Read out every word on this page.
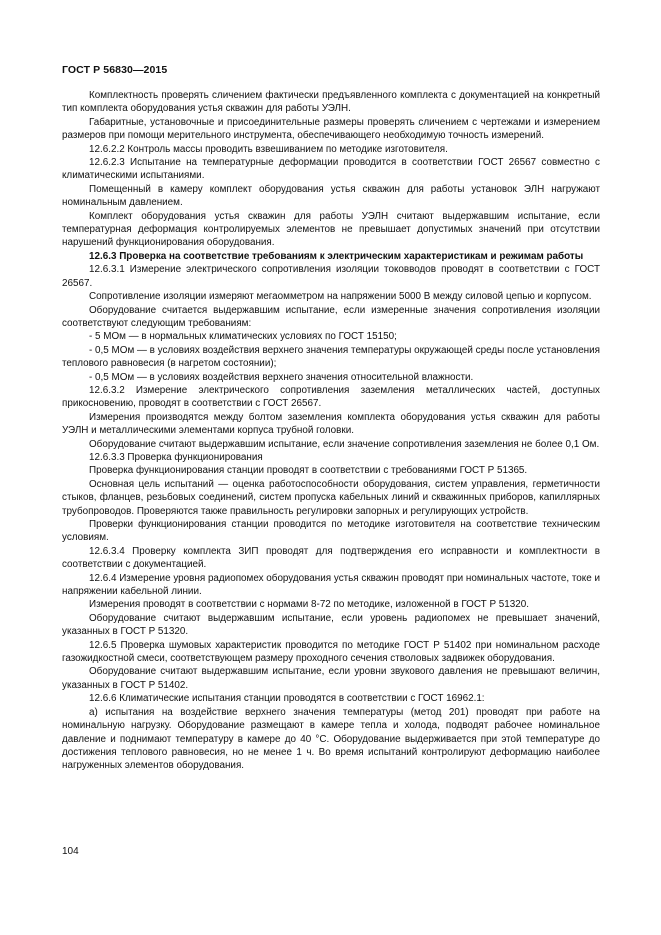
ГОСТ Р 56830—2015

Комплектность проверять сличением фактически предъявленного комплекта с документацией на конкретный тип комплекта оборудования устья скважин для работы УЭЛН.

Габаритные, установочные и присоединительные размеры проверять сличением с чертежами и измерением размеров при помощи мерительного инструмента, обеспечивающего необходимую точность измерений.

12.6.2.2 Контроль массы проводить взвешиванием по методике изготовителя.

12.6.2.3 Испытание на температурные деформации проводится в соответствии ГОСТ 26567 совместно с климатическими испытаниями.

Помещенный в камеру комплект оборудования устья скважин для работы установок ЭЛН нагружают номинальным давлением.

Комплект оборудования устья скважин для работы УЭЛН считают выдержавшим испытание, если температурная деформация контролируемых элементов не превышает допустимых значений при отсутствии нарушений функционирования оборудования.

12.6.3 Проверка на соответствие требованиям к электрическим характеристикам и режимам работы

12.6.3.1 Измерение электрического сопротивления изоляции токовводов проводят в соответствии с ГОСТ 26567.

Сопротивление изоляции измеряют мегаомметром на напряжении 5000 В между силовой цепью и корпусом.

Оборудование считается выдержавшим испытание, если измеренные значения сопротивления изоляции соответствуют следующим требованиям:

- 5 МОм — в нормальных климатических условиях по ГОСТ 15150;

- 0,5 МОм — в условиях воздействия верхнего значения температуры окружающей среды после установления теплового равновесия (в нагретом состоянии);

- 0,5 МОм — в условиях воздействия верхнего значения относительной влажности.

12.6.3.2 Измерение электрического сопротивления заземления металлических частей, доступных прикосновению, проводят в соответствии с ГОСТ 26567.

Измерения производятся между болтом заземления комплекта оборудования устья скважин для работы УЭЛН и металлическими элементами корпуса трубной головки.

Оборудование считают выдержавшим испытание, если значение сопротивления заземления не более 0,1 Ом.

12.6.3.3 Проверка функционирования

Проверка функционирования станции проводят в соответствии с требованиями ГОСТ Р 51365.

Основная цель испытаний — оценка работоспособности оборудования, систем управления, герметичности стыков, фланцев, резьбовых соединений, систем пропуска кабельных линий и скважинных приборов, капиллярных трубопроводов. Проверяются также правильность регулировки запорных и регулирующих устройств.

Проверки функционирования станции проводится по методике изготовителя на соответствие техническим условиям.

12.6.3.4 Проверку комплекта ЗИП проводят для подтверждения его исправности и комплектности в соответствии с документацией.

12.6.4 Измерение уровня радиопомех оборудования устья скважин проводят при номинальных частоте, токе и напряжении кабельной линии.

Измерения проводят в соответствии с нормами 8-72 по методике, изложенной в ГОСТ Р 51320.

Оборудование считают выдержавшим испытание, если уровень радиопомех не превышает значений, указанных в ГОСТ Р 51320.

12.6.5 Проверка шумовых характеристик проводится по методике ГОСТ Р 51402 при номинальном расходе газожидкостной смеси, соответствующем размеру проходного сечения стволовых задвижек оборудования.

Оборудование считают выдержавшим испытание, если уровни звукового давления не превышают величин, указанных в ГОСТ Р 51402.

12.6.6 Климатические испытания станции проводятся в соответствии с ГОСТ 16962.1:

а) испытания на воздействие верхнего значения температуры (метод 201) проводят при работе на номинальную нагрузку. Оборудование размещают в камере тепла и холода, подводят рабочее номинальное давление и поднимают температуру в камере до 40 °С. Оборудование выдерживается при этой температуре до достижения теплового равновесия, но не менее 1 ч. Во время испытаний контролируют деформацию наиболее нагруженных элементов оборудования.

104
